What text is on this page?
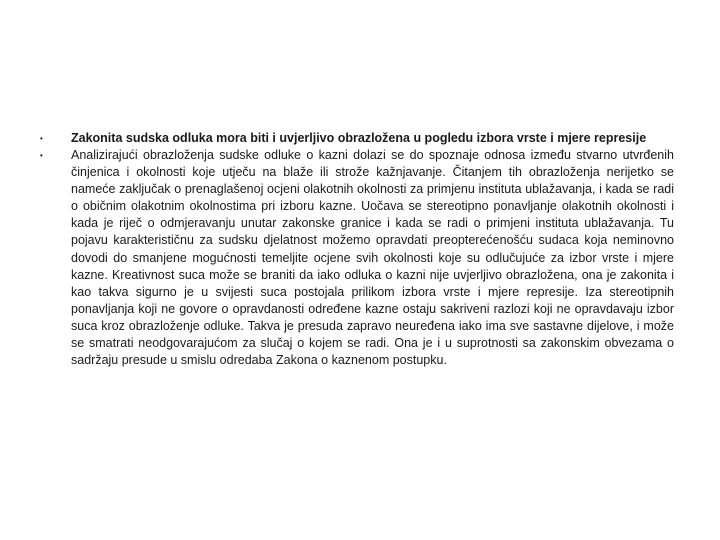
• Zakonita sudska odluka mora biti i uvjerljivo obrazložena u pogledu izbora vrste i mjere represije
• Analizirajući obrazloženja sudske odluke o kazni dolazi se do spoznaje odnosa između stvarno utvrđenih činjenica i okolnosti koje utječu na blaže ili strože kažnjavanje. Čitanjem tih obrazloženja nerijetko se nameće zaključak o prenaglašenoj ocjeni olakotnih okolnosti za primjenu instituta ublažavanja, i kada se radi o običnim olakotnim okolnostima pri izboru kazne. Uočava se stereotipno ponavljanje olakotnih okolnosti i kada je riječ o odmjeravanju unutar zakonske granice i kada se radi o primjeni instituta ublažavanja. Tu pojavu karakterističnu za sudsku djelatnost možemo opravdati preopterećenošću sudaca koja neminovno dovodi do smanjene mogućnosti temeljite ocjene svih okolnosti koje su odlučujuće za izbor vrste i mjere kazne. Kreativnost suca može se braniti da iako odluka o kazni nije uvjerljivo obrazložena, ona je zakonita i kao takva sigurno je u svijesti suca postojala prilikom izbora vrste i mjere represije. Iza stereotipnih ponavljanja koji ne govore o opravdanosti određene kazne ostaju sakriveni razlozi koji ne opravdavaju izbor suca kroz obrazloženje odluke. Takva je presuda zapravo neuređena iako ima sve sastavne dijelove, i može se smatrati neodgovarajućom za slučaj o kojem se radi. Ona je i u suprotnosti sa zakonskim obvezama o sadržaju presude u smislu odredaba Zakona o kaznenom postupku.
